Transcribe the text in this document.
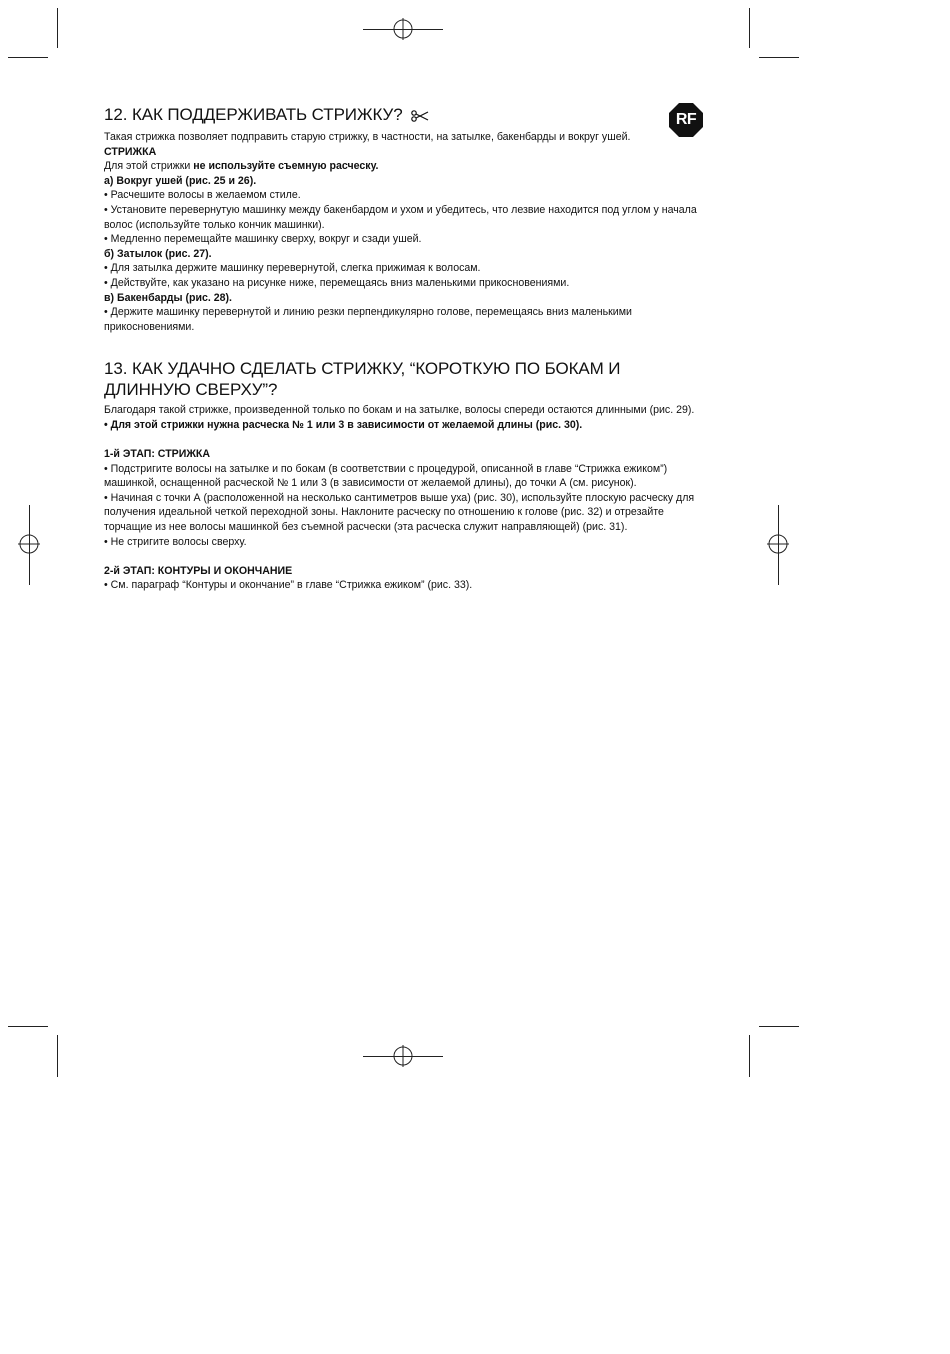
RF
12. КАК ПОДДЕРЖИВАТЬ СТРИЖКУ?

Такая стрижка позволяет подправить старую стрижку, в частности, на затылке, бакенбарды и вокруг ушей.

СТРИЖКА

Для этой стрижки не используйте съемную расческу.

а) Вокруг ушей (рис. 25 и 26).

• Расчешите волосы в желаемом стиле.

• Установите перевернутую машинку между бакенбардом и ухом и убедитесь, что лезвие находится под углом у начала волос (используйте только кончик машинки).

• Медленно перемещайте машинку сверху, вокруг и сзади ушей.

б) Затылок (рис. 27).

• Для затылка держите машинку перевернутой, слегка прижимая к волосам.

• Действуйте, как указано на рисунке ниже, перемещаясь вниз маленькими прикосновениями.

в) Бакенбарды (рис. 28).

• Держите машинку перевернутой и линию резки перпендикулярно голове, перемещаясь вниз маленькими прикосновениями.

13. КАК УДАЧНО СДЕЛАТЬ СТРИЖКУ, “КОРОТКУЮ ПО БОКАМ И ДЛИННУЮ СВЕРХУ”?

Благодаря такой стрижке, произведенной только по бокам и на затылке, волосы спереди остаются длинными (рис. 29).

• Для этой стрижки нужна расческа № 1 или 3 в зависимости от желаемой длины (рис. 30).

1-й ЭТАП: СТРИЖКА

• Подстригите волосы на затылке и по бокам (в соответствии с процедурой, описанной в главе “Стрижка ежиком”) машинкой, оснащенной расческой № 1 или 3 (в зависимости от желаемой длины), до точки А (см. рисунок).

• Начиная с точки А (расположенной на несколько сантиметров выше уха) (рис. 30), используйте плоскую расческу для получения идеальной четкой переходной зоны. Наклоните расческу по отношению к голове (рис. 32) и отрезайте торчащие из нее волосы машинкой без съемной расчески (эта расческа служит направляющей) (рис. 31).

• Не стригите волосы сверху.

2-й ЭТАП: КОНТУРЫ И ОКОНЧАНИЕ

• См. параграф “Контуры и окончание” в главе “Стрижка ежиком” (рис. 33).
